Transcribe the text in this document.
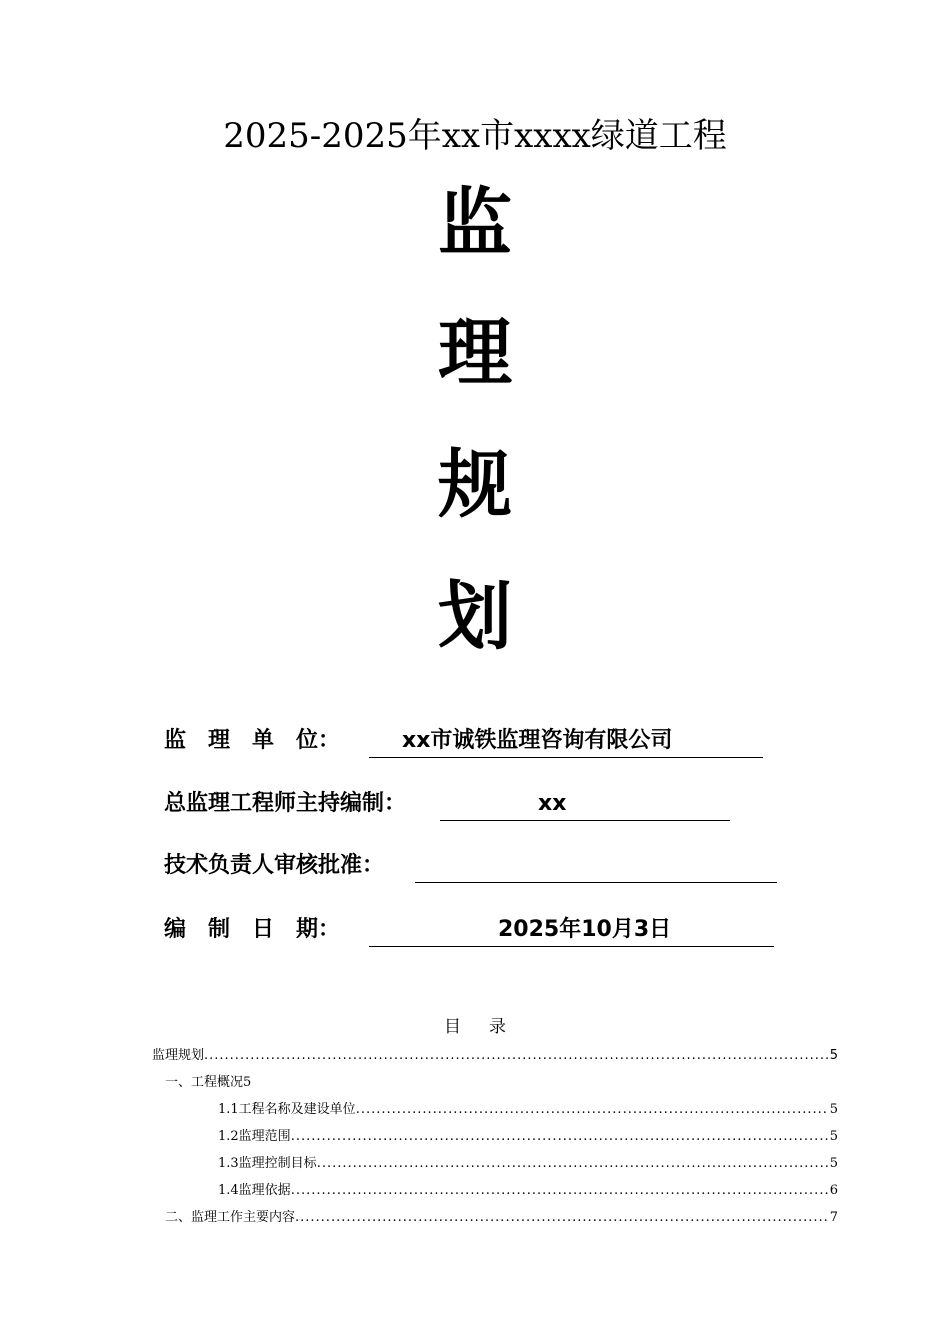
2025-2025年xx市xxxx绿道工程
监
理
规
划
监　理　单　位：	xx市诚铁监理咨询有限公司
总监理工程师主持编制：	xx
技术负责人审核批准：
编　制　日　期：	2025年10月3日
目 录
监理规划 .....	5
一、工程概况5
1.1工程名称及建设单位 .....	5
1.2监理范围 .....	5
1.3监理控制目标 .....	5
1.4监理依据 .....	6
二、监理工作主要内容 .....	7
